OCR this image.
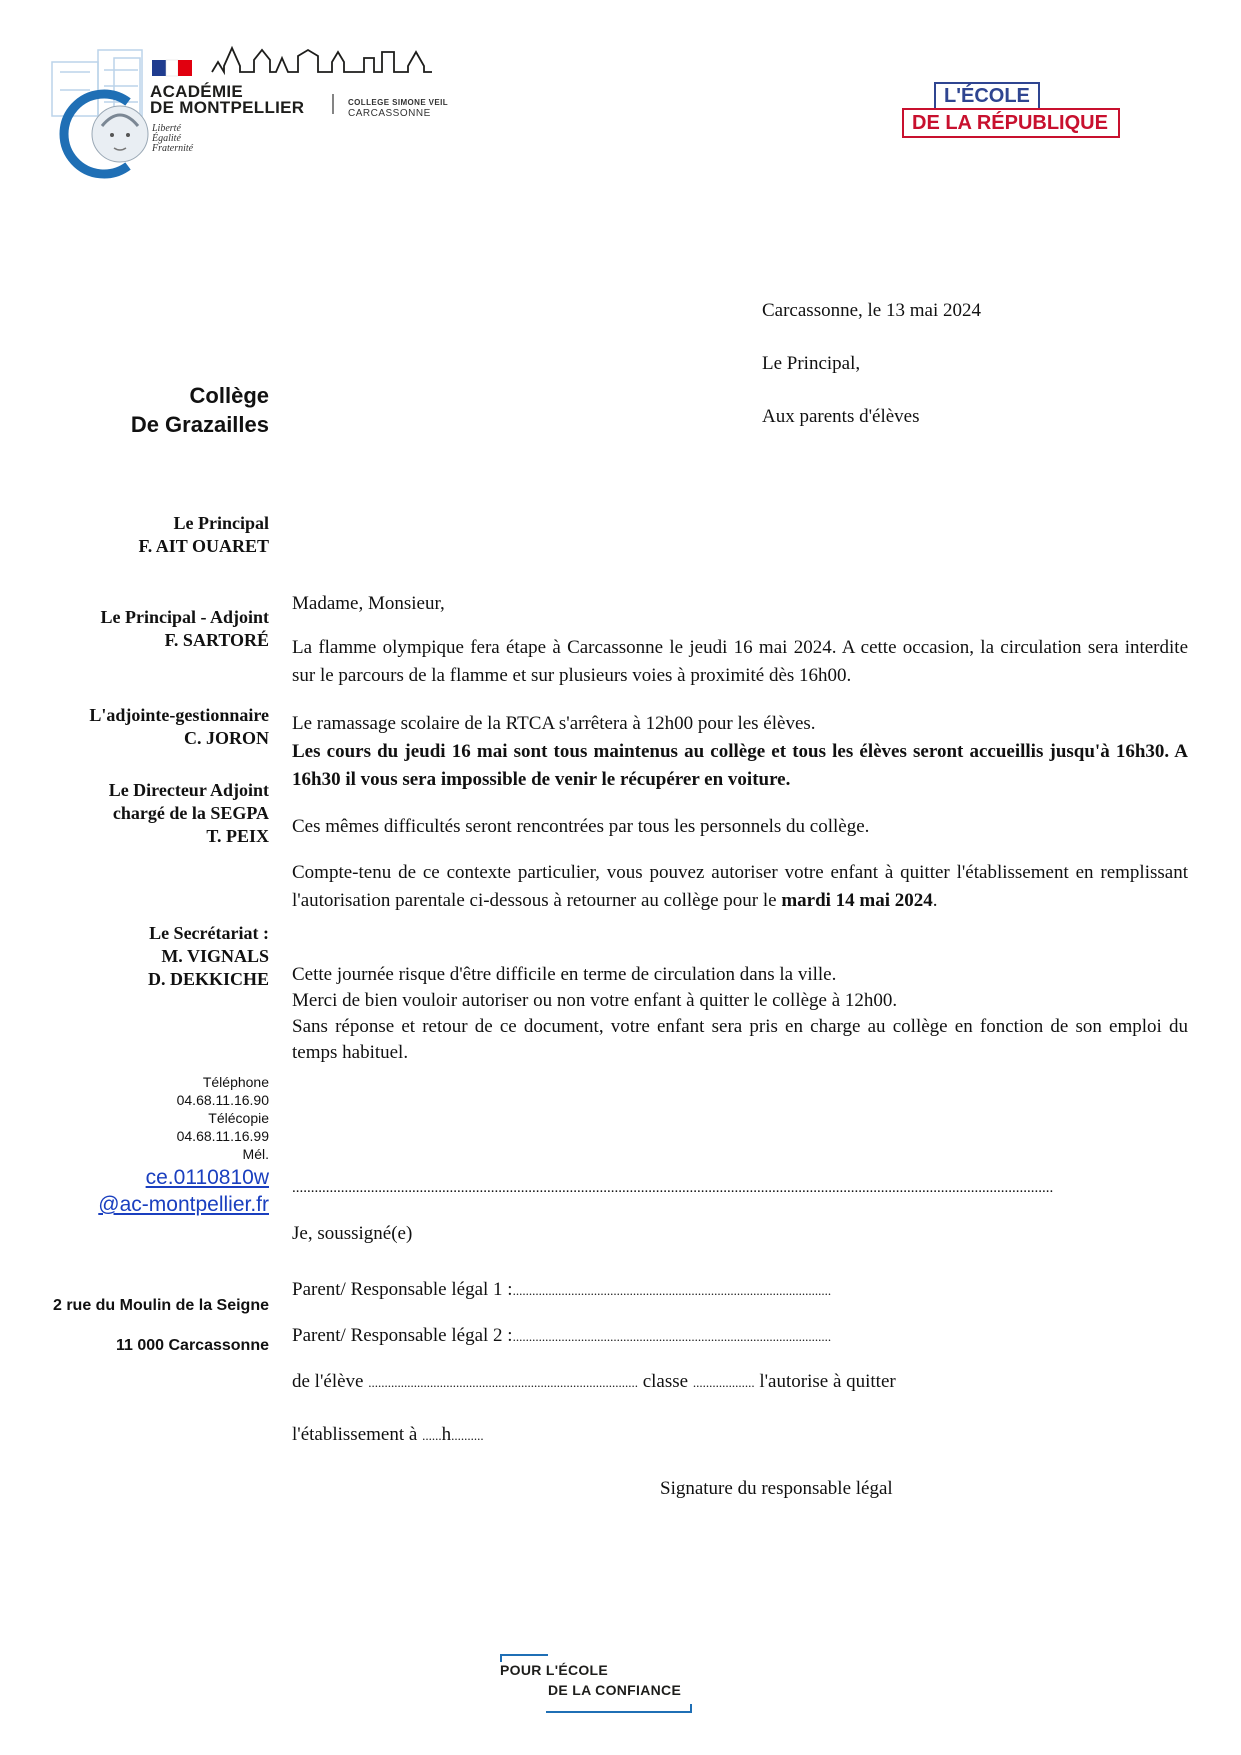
ACADÉMIE
DE MONTPELLIER
Liberté
Égalité
Fraternité
COLLEGE SIMONE VEIL
CARCASSONNE
L'ÉCOLE
DE LA RÉPUBLIQUE
Carcassonne, le 13 mai 2024
Le Principal,
Aux parents d'élèves
Collège
De Grazailles
Le Principal
F. AIT OUARET
Le Principal - Adjoint
F. SARTORÉ
L'adjointe-gestionnaire
C. JORON
Le Directeur Adjoint
chargé de la SEGPA
T. PEIX
Le Secrétariat :
M. VIGNALS
D. DEKKICHE
Téléphone
04.68.11.16.90
Télécopie
04.68.11.16.99
Mél.
ce.0110810w
@ac-montpellier.fr
2 rue du Moulin de la Seigne
11 000 Carcassonne
Madame, Monsieur,

La flamme olympique fera étape à Carcassonne le jeudi 16 mai 2024. A cette occasion, la circulation sera interdite sur le parcours de la flamme et sur plusieurs voies à proximité dès 16h00.

Le ramassage scolaire de la RTCA s'arrêtera à 12h00 pour les élèves.

Les cours du jeudi 16 mai sont tous maintenus au collège et tous les élèves seront accueillis jusqu'à 16h30. A 16h30 il vous sera impossible de venir le récupérer en voiture.

Ces mêmes difficultés seront rencontrées par tous les personnels du collège.

Compte-tenu de ce contexte particulier, vous pouvez autoriser votre enfant à quitter l'établissement en remplissant l'autorisation parentale ci-dessous à retourner au collège pour le mardi 14 mai 2024.

Cette journée risque d'être difficile en terme de circulation dans la ville.
Merci de bien vouloir autoriser ou non votre enfant à quitter le collège à 12h00.
Sans réponse et retour de ce document, votre enfant sera pris en charge au collège en fonction de son emploi du temps habituel.
...........................................................................................................................................................................................................
Je, soussigné(e)
Parent/ Responsable légal 1 :..................................................................................................
Parent/ Responsable légal 2 :..................................................................................................
de l'élève ................................................................................... classe ................... l'autorise à quitter
l'établissement à ......h..........
Signature du responsable légal
POUR L'ÉCOLE
DE LA CONFIANCE
